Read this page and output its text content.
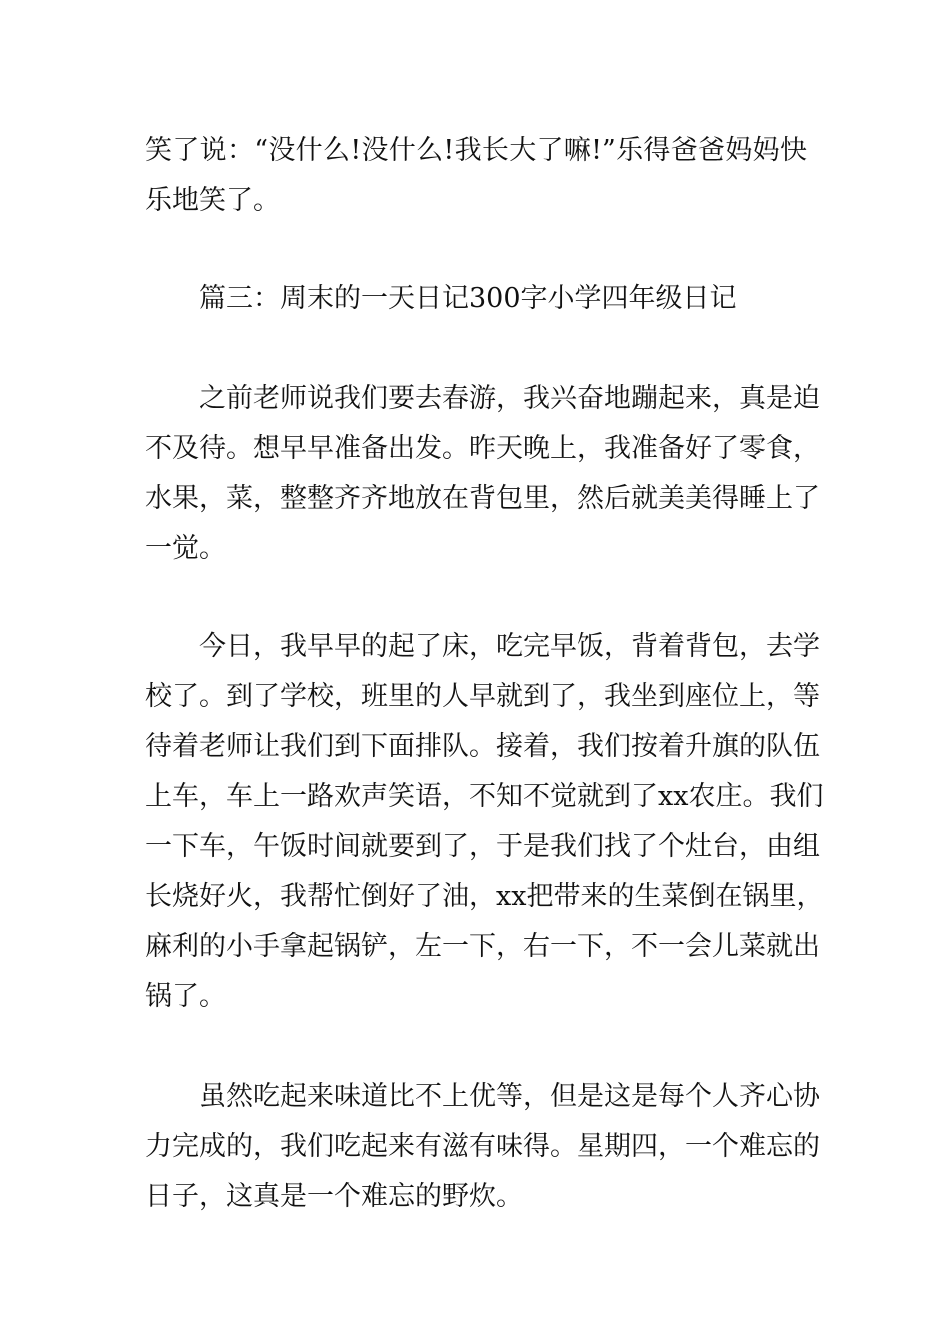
笑了说：“没什么!没什么!我长大了嘛!”乐得爸爸妈妈快
乐地笑了。
篇三：周末的一天日记300字小学四年级日记
之前老师说我们要去春游，我兴奋地蹦起来，真是迫
不及待。想早早准备出发。昨天晚上，我准备好了零食，
水果，菜，整整齐齐地放在背包里，然后就美美得睡上了
一觉。
今日，我早早的起了床，吃完早饭，背着背包，去学
校了。到了学校，班里的人早就到了，我坐到座位上，等
待着老师让我们到下面排队。接着，我们按着升旗的队伍
上车，车上一路欢声笑语，不知不觉就到了xx农庄。我们
一下车，午饭时间就要到了，于是我们找了个灶台，由组
长烧好火，我帮忙倒好了油，xx把带来的生菜倒在锅里，
麻利的小手拿起锅铲，左一下，右一下，不一会儿菜就出
锅了。
虽然吃起来味道比不上优等，但是这是每个人齐心协
力完成的，我们吃起来有滋有味得。星期四，一个难忘的
日子，这真是一个难忘的野炊。
